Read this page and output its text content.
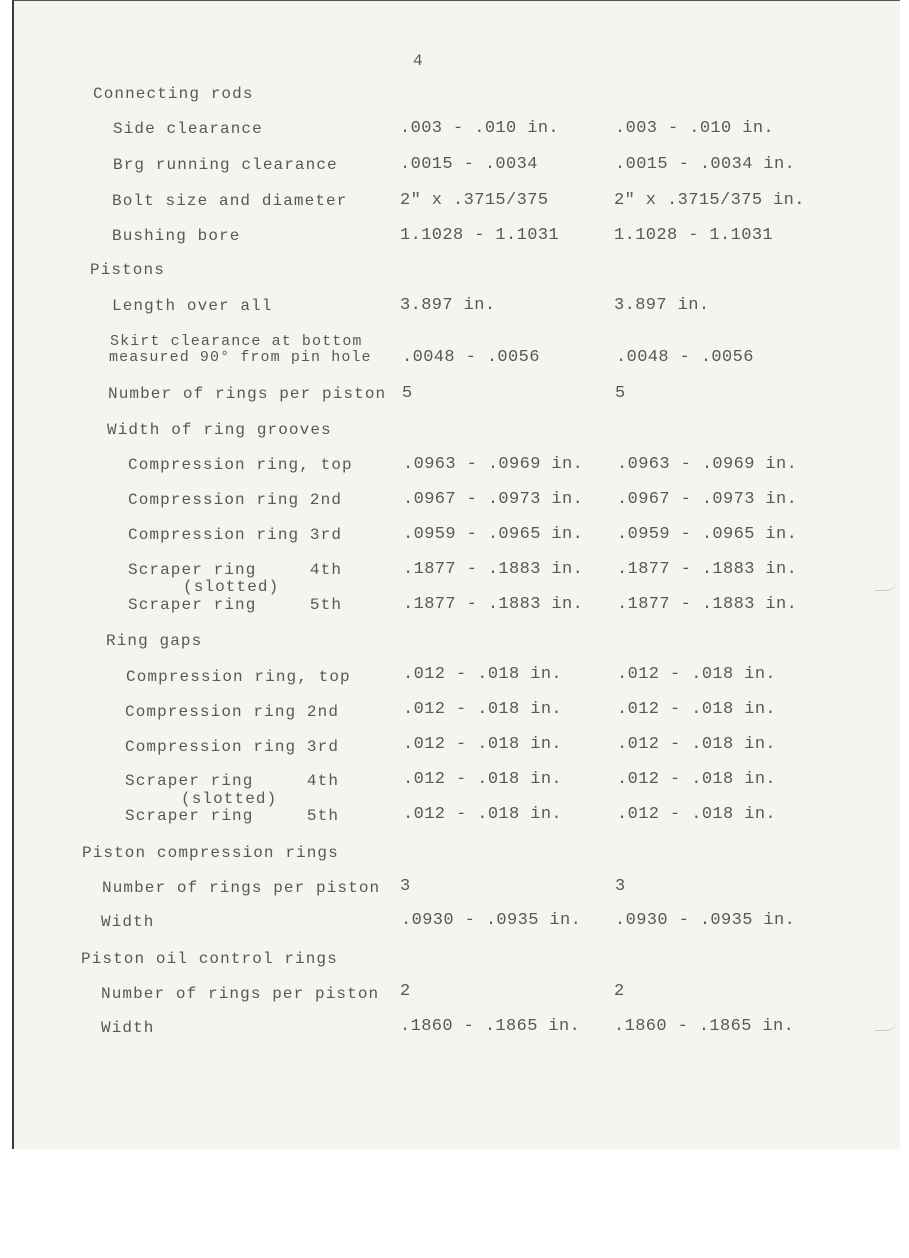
4
Connecting rods
Side clearance	.003 - .010 in.	.003 - .010 in.
Brg running clearance	.0015 - .0034	.0015 - .0034 in.
Bolt size and diameter	2" x .3715/375	2" x .3715/375 in.
Bushing bore	1.1028 - 1.1031	1.1028 - 1.1031
Pistons
Length over all	3.897 in.	3.897 in.
Skirt clearance at bottom
measured 90° from pin hole .0048 - .0056	.0048 - .0056
Number of rings per piston 5	5
Width of ring grooves
Compression ring, top	.0963 - .0969 in. .0963 - .0969 in.
Compression ring 2nd	.0967 - .0973 in. .0967 - .0973 in.
Compression ring 3rd	.0959 - .0965 in. .0959 - .0965 in.
Scraper ring     4th	.1877 - .1883 in. .1877 - .1883 in.
(slotted)
Scraper ring     5th	.1877 - .1883 in. .1877 - .1883 in.
Ring gaps
Compression ring, top	.012 - .018 in.	.012 - .018 in.
Compression ring 2nd	.012 - .018 in.	.012 - .018 in.
Compression ring 3rd	.012 - .018 in.	.012 - .018 in.
Scraper ring     4th	.012 - .018 in.	.012 - .018 in.
(slotted)
Scraper ring     5th	.012 - .018 in.	.012 - .018 in.
Piston compression rings
Number of rings per piston 3	3
Width	.0930 - .0935 in. .0930 - .0935 in.
Piston oil control rings
Number of rings per piston 2	2
Width	.1860 - .1865 in. .1860 - .1865 in.
